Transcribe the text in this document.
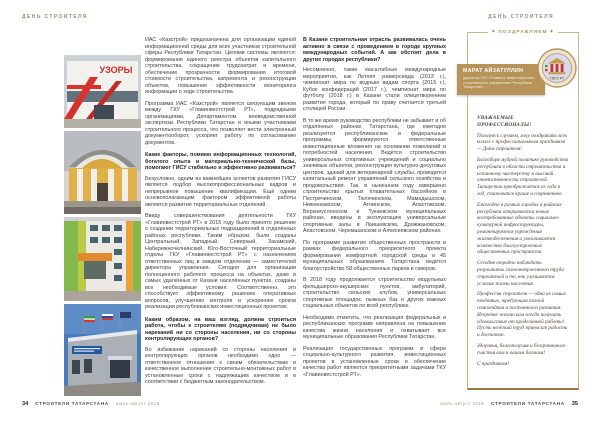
ДЕНЬ СТРОИТЕЛЯ	ДЕНЬ СТРОИТЕЛЯ
УЗОРЫ

ИАС «Казстрой» предназначена для организации единой информационной среды для всех участников строительной сферы Республики Татарстан. Целями системы являются: формирование единого реестра объектов капитального строительства, сокращение трудозатрат и времени, обеспечение прозрачности формирования итоговой стоимости строительства, капремонта и реконструкции объектов, повышение эффективности мониторинга информации о ходе строительства.

Программа ИАС «Казстрой» является связующим звеном между ГКУ «Главинвестстрой РТ», подрядными организациями, Департаментом вневедомственной экспертизы Республики Татарстан и иными участниками строительного процесса, что позволяет вести электронный документооборот, ускоряет работу по согласованию документов.

Какие факторы, помимо информационных технологий, богатого опыта и материально-технической базы, помогают ГИСУ стабильно и эффективно развиваться?

Безусловно, одним из важнейших аспектов развития ГИСУ является подбор высокопрофессиональных кадров и непрерывное повышение квалификации. Ещё одним основополагающим фактором эффективной работы является развитие территориальных отделений.

Ввиду совершенствования деятельности ГКУ «Главинвестстрой РТ» в 2015 году было принято решение о создании территориальных подразделений в отдалённых районах республики. Таким образом, были созданы Центральный, Западный, Северный, Закамский, Набережночелнинский, Юго-Восточный территориальные отделы ГКУ «Главинвестстрой РТ» с назначением ответственных лиц в каждом отделении — заместителей директора управления. Сегодня для организации полноценного рабочего процесса на объектах, даже в самых удалённых от Казани населённых пунктах, созданы все необходимые условия. Соответственно, это способствует эффективному решению оперативных вопросов, улучшению контроля и ускорению сроков реализации республиканских инвестиционных проектов.

Каким образом, на ваш взгляд, должна строиться работа, чтобы к строителям (подрядчикам) не было нареканий ни со стороны населения, ни со стороны контролирующих органов?

Во избежание нареканий со стороны населения и контролирующих органов необходимо одно — ответственное отношение к своим обязательствам и качественное выполнение строительно-монтажных работ в установленные сроки с надлежащим качеством и в соответствии с бюджетным законодательством.

В Казани строительная отрасль развивалась очень активно в связи с проведением в городе крупных международных событий. А как обстоят дела в других городах республики?

Несомненно, такие масштабные международные мероприятия, как Летняя универсиада (2013 г.), чемпионат мира по водным видам спорта (2015 г.), Кубок конфедераций (2017 г.), чемпионат мира по футболу (2018 г.) в Казани стали олицетворением развития города, который по праву считается третьей столицей России.

В то же время руководство республики не забывает и об отдалённых районах Татарстана, где ежегодно реализуются республиканские и федеральные программы, формируются ответственные инвестиционные вложения на основании пожеланий и потребностей населения. Ведётся строительство универсальных спортивных учреждений и социально значимых объектов, реконструкция культурно-досуговых центров, зданий для ветеринарной службы, проводится капитальный ремонт управлений сельского хозяйства и продовольствия. Так, в нынешнем году завершено строительство крытых плавательных бассейнов в Пестречинском, Тюлячинском, Мамадышском, Нижнекамском, Атнинском, Апастовском, Верхнеуслонском и Тукаевском муниципальных районах, введены в эксплуатацию универсальные спортивные залы в Лаишевском, Дрожжановском, Апастовском, Черемшанском и Алексеевском районах.

По программе развития общественных пространств в рамках федерального приоритетного проекта формирования комфортной городской среды в 45 муниципальных образованиях Татарстана ведётся благоустройство 58 общественных парков и скверов.

В 2018 году продолжается строительство модульных фельдшерско-акушерских пунктов, амбулаторий, строительство сельских клубов, универсальных спортивных площадок, лыжных баз и других важных социальных объектов по всей республике.

Необходимо отметить, что реализация федеральных и республиканских программ направлена на повышение качества жизни населения и охватывает все муниципальные образования Республики Татарстан.

Реализация государственных программ в сфере социально-культурного развития, инвестиционных проектов в установленные сроки и обеспечение качества работ являются приоритетными задачами ГКУ «Главинвестстрой РТ».

◆ ПОЗДРАВЛЯЕМ ◆
МАРАТ АЙЗАТУЛЛИН
директор ГКУ «Главное инвестиционно-строительное управление Республики Татарстан»
ГИСУ РТ

УВАЖАЕМЫЕ ПРОФЕССИОНАЛЫ!

Пользуясь случаем, хочу поздравить всех коллег с профессиональным праздником — Днём строителя!

Благодаря мудрой политике руководства республики в области строительства и истинному мастерству и высокой ответственности строителей Татарстан преображается из года в год, становится краше и современнее.

Ежегодно в разных городах и районах республики открываются новые востребованные объекты социально-культурной инфраструктуры, ремонтируются учреждения жизнеобеспечения и увеличивается количество благоустроенных общественных пространств.

Сегодня отрадно наблюдать результаты самоотверженного труда строителей и то, как улучшаются условия жизни населения.

Профессия строителя — одна из самых почётных, требующая полной самоотдачи и постоянного развития. Искренне желаю вам всегда получать удовольствие от проделанной работы! Пусть нелёгкий труд приносит радость и достаток.

Здоровья, благополучия и безграничного счастья вам и вашим близким!

С праздником!

34 СТРОИТЕЛИ ТАТАРСТАНА июль-август 2018	июль-август 2018 СТРОИТЕЛИ ТАТАРСТАНА 35
